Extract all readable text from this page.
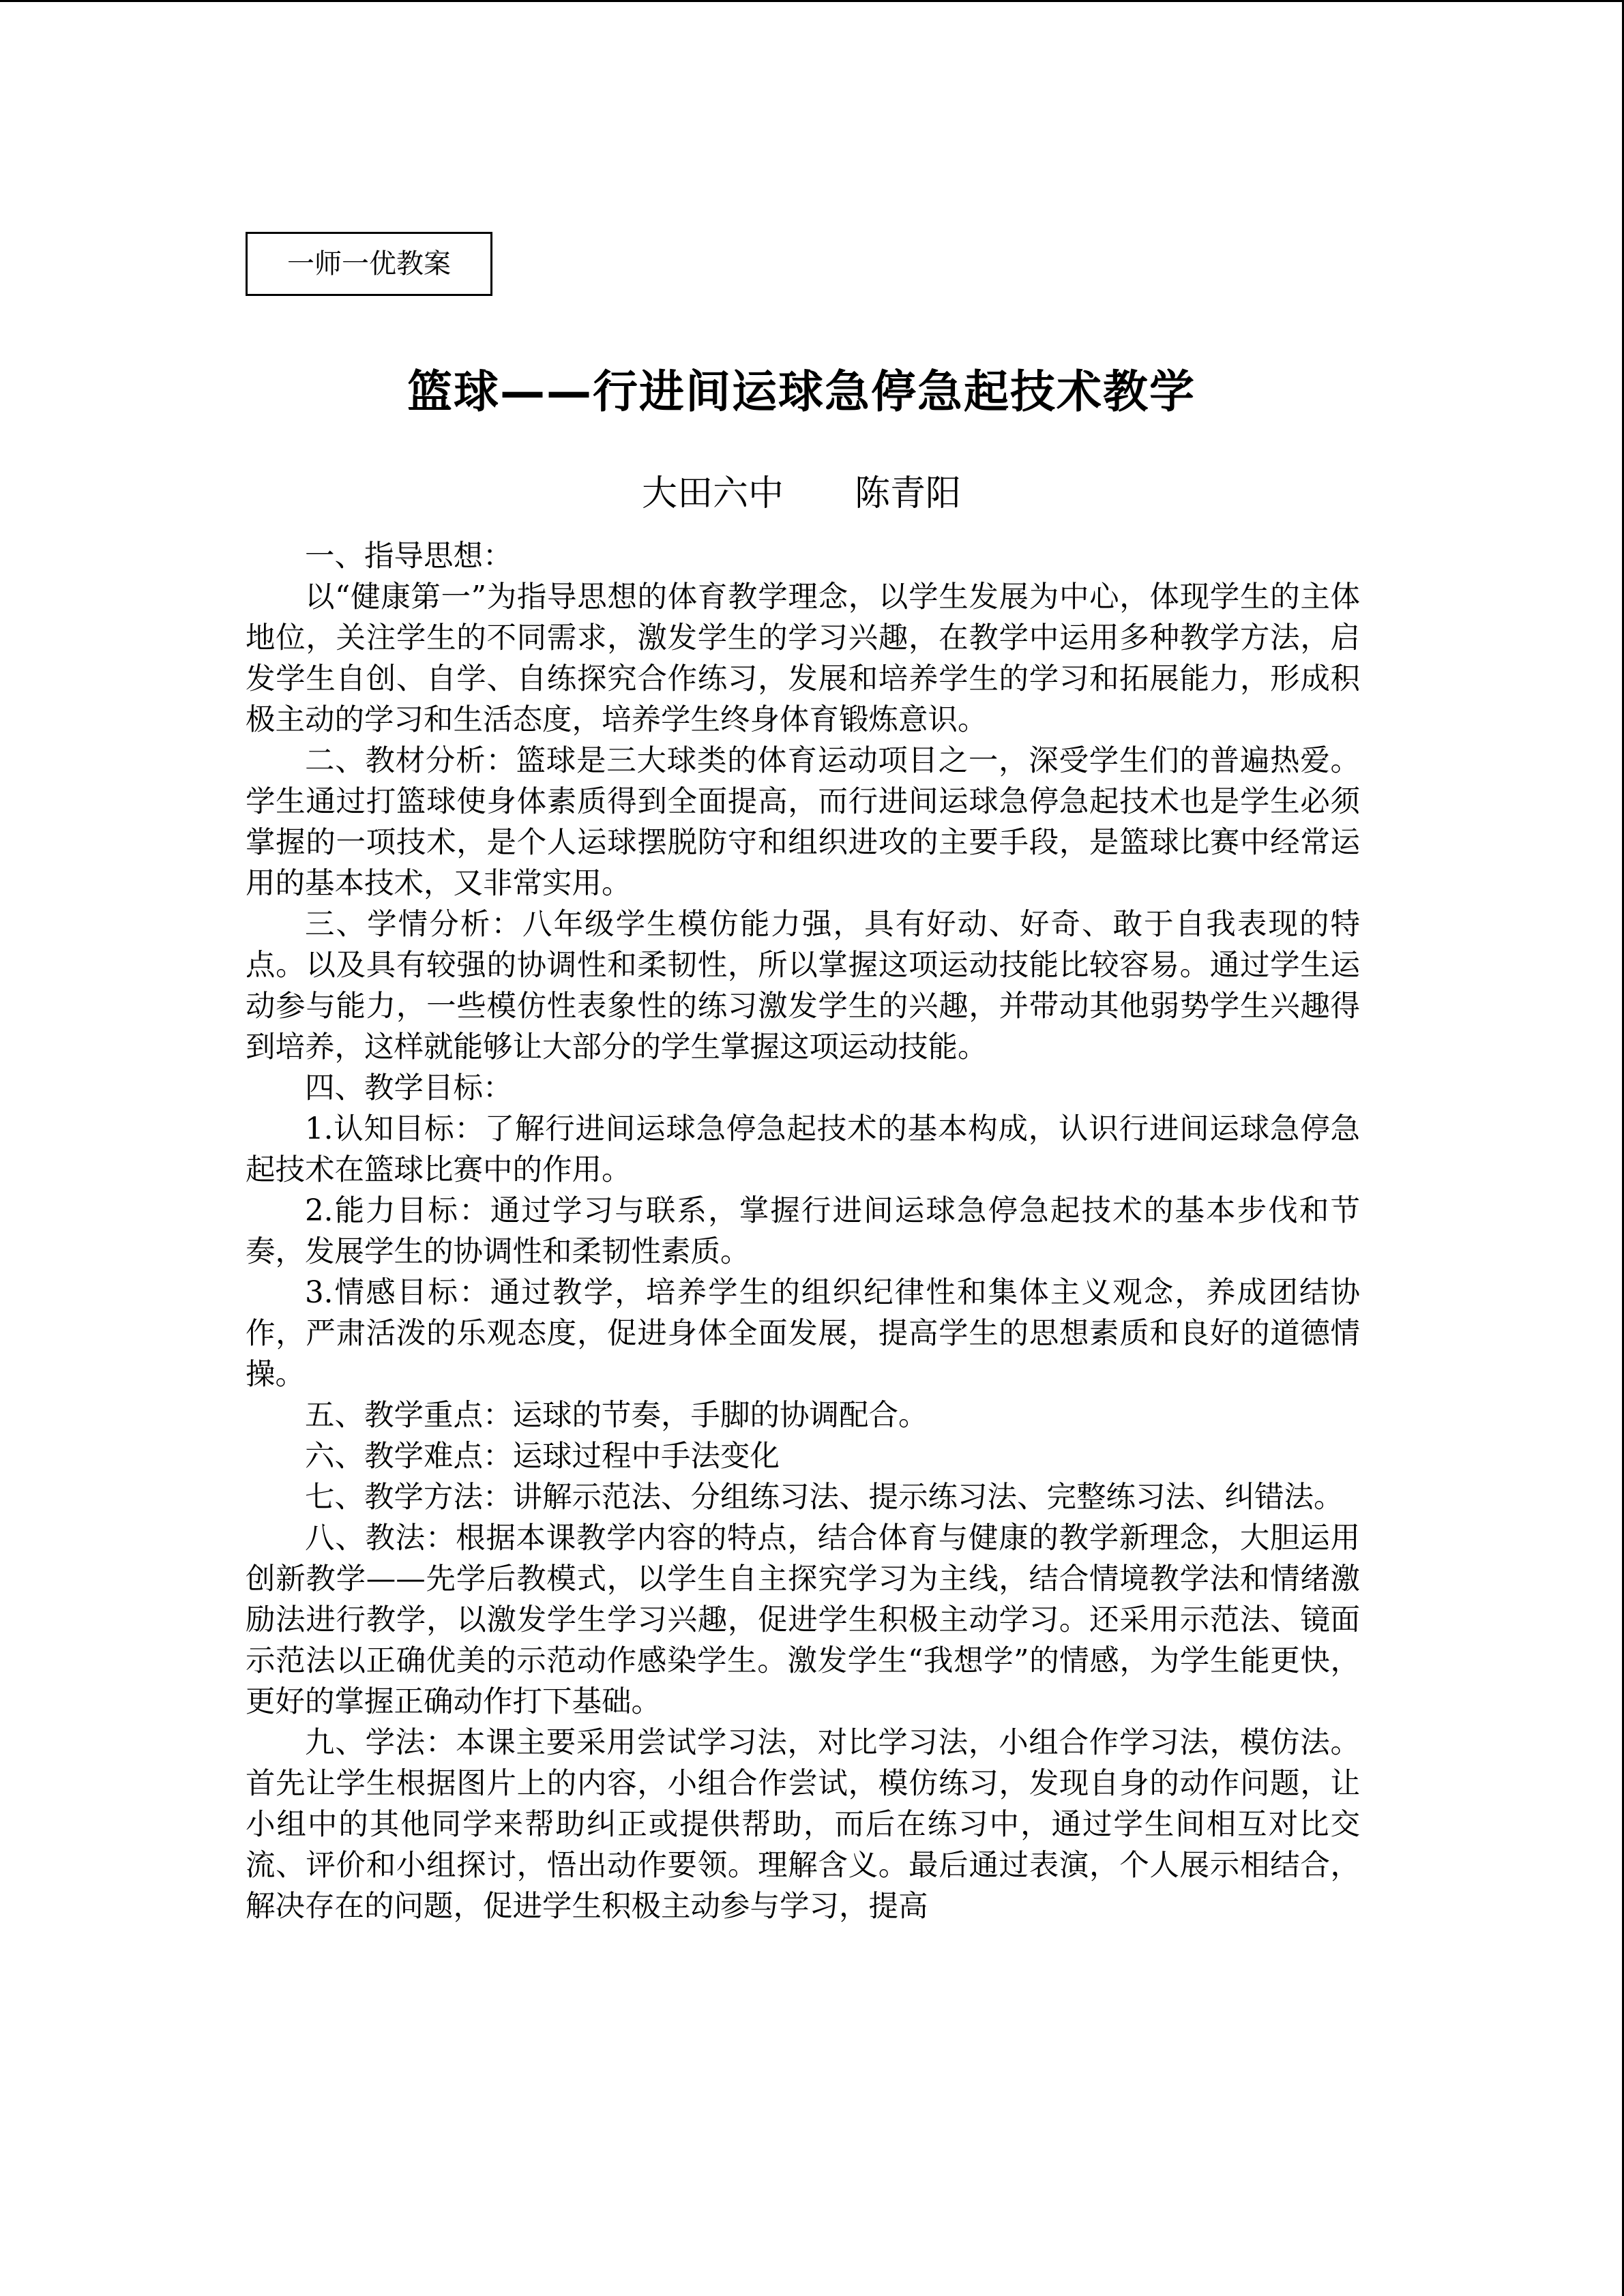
一师一优教案
篮球——行进间运球急停急起技术教学
大田六中　　陈青阳

一、指导思想：

以“健康第一”为指导思想的体育教学理念，以学生发展为中心，体现学生的主体地位，关注学生的不同需求，激发学生的学习兴趣，在教学中运用多种教学方法，启发学生自创、自学、自练探究合作练习，发展和培养学生的学习和拓展能力，形成积极主动的学习和生活态度，培养学生终身体育锻炼意识。

二、教材分析：篮球是三大球类的体育运动项目之一，深受学生们的普遍热爱。学生通过打篮球使身体素质得到全面提高，而行进间运球急停急起技术也是学生必须掌握的一项技术，是个人运球摆脱防守和组织进攻的主要手段，是篮球比赛中经常运用的基本技术，又非常实用。

三、学情分析：八年级学生模仿能力强，具有好动、好奇、敢于自我表现的特点。以及具有较强的协调性和柔韧性，所以掌握这项运动技能比较容易。通过学生运动参与能力，一些模仿性表象性的练习激发学生的兴趣，并带动其他弱势学生兴趣得到培养，这样就能够让大部分的学生掌握这项运动技能。

四、教学目标：

1.认知目标：了解行进间运球急停急起技术的基本构成，认识行进间运球急停急起技术在篮球比赛中的作用。

2.能力目标：通过学习与联系，掌握行进间运球急停急起技术的基本步伐和节奏，发展学生的协调性和柔韧性素质。

3.情感目标：通过教学，培养学生的组织纪律性和集体主义观念，养成团结协作，严肃活泼的乐观态度，促进身体全面发展，提高学生的思想素质和良好的道德情操。

五、教学重点：运球的节奏，手脚的协调配合。

六、教学难点：运球过程中手法变化

七、教学方法：讲解示范法、分组练习法、提示练习法、完整练习法、纠错法。

八、教法：根据本课教学内容的特点，结合体育与健康的教学新理念，大胆运用创新教学——先学后教模式，以学生自主探究学习为主线，结合情境教学法和情绪激励法进行教学，以激发学生学习兴趣，促进学生积极主动学习。还采用示范法、镜面示范法以正确优美的示范动作感染学生。激发学生“我想学”的情感，为学生能更快，更好的掌握正确动作打下基础。

九、学法：本课主要采用尝试学习法，对比学习法，小组合作学习法，模仿法。首先让学生根据图片上的内容，小组合作尝试，模仿练习，发现自身的动作问题，让小组中的其他同学来帮助纠正或提供帮助，而后在练习中，通过学生间相互对比交流、评价和小组探讨，悟出动作要领。理解含义。最后通过表演，个人展示相结合，解决存在的问题，促进学生积极主动参与学习，提高
